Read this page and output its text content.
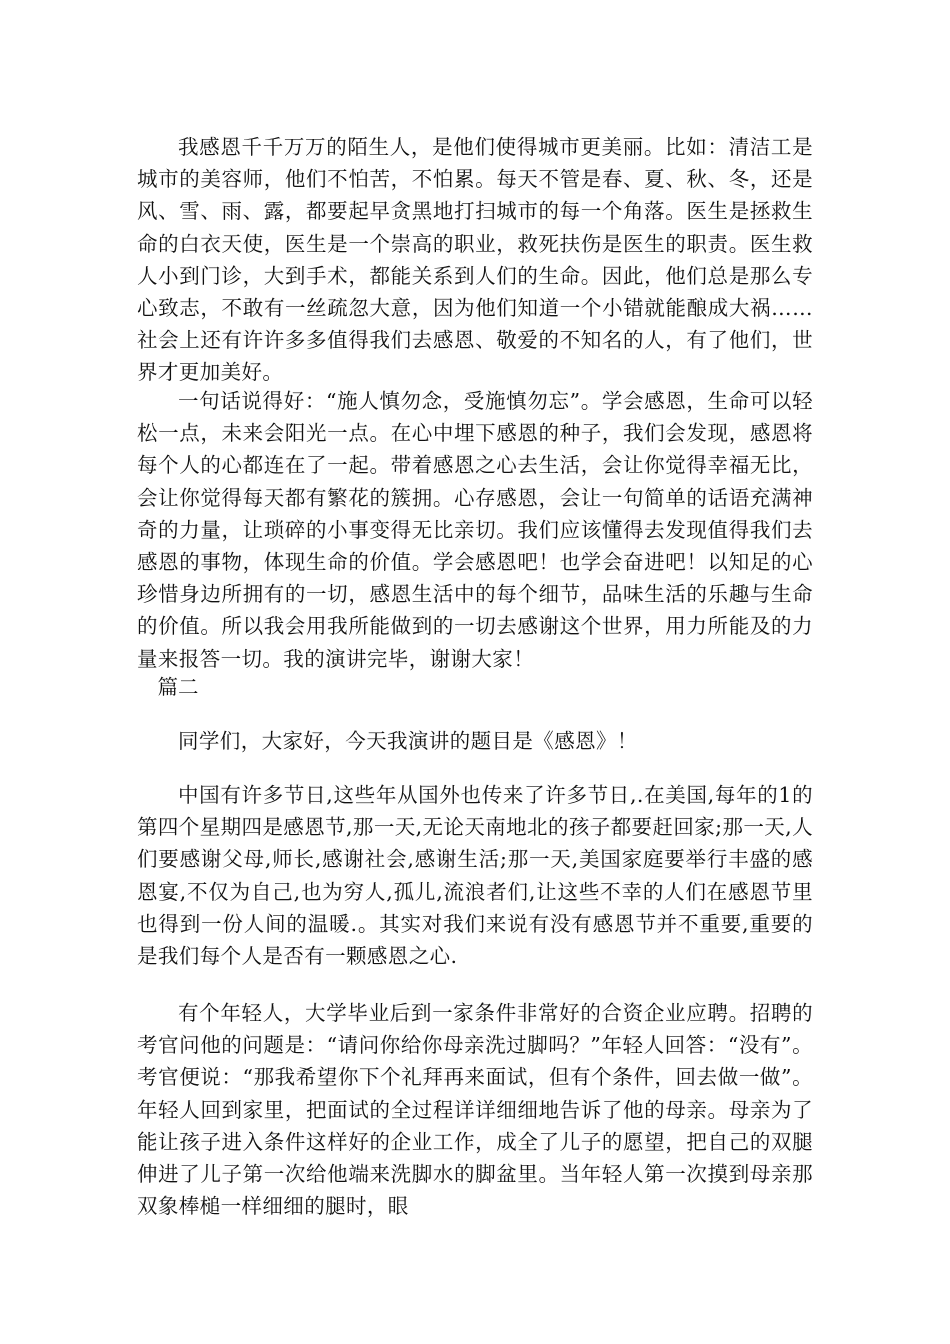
我感恩千千万万的陌生人，是他们使得城市更美丽。比如：清洁工是城市的美容师，他们不怕苦，不怕累。每天不管是春、夏、秋、冬，还是风、雪、雨、露，都要起早贪黑地打扫城市的每一个角落。医生是拯救生命的白衣天使，医生是一个崇高的职业，救死扶伤是医生的职责。医生救人小到门诊，大到手术，都能关系到人们的生命。因此，他们总是那么专心致志，不敢有一丝疏忽大意，因为他们知道一个小错就能酿成大祸……社会上还有许许多多值得我们去感恩、敬爱的不知名的人，有了他们，世界才更加美好。

一句话说得好：“施人慎勿念，受施慎勿忘”。学会感恩，生命可以轻松一点，未来会阳光一点。在心中埋下感恩的种子，我们会发现，感恩将每个人的心都连在了一起。带着感恩之心去生活，会让你觉得幸福无比，会让你觉得每天都有繁花的簇拥。心存感恩，会让一句简单的话语充满神奇的力量，让琐碎的小事变得无比亲切。我们应该懂得去发现值得我们去感恩的事物，体现生命的价值。学会感恩吧！也学会奋进吧！以知足的心珍惜身边所拥有的一切，感恩生活中的每个细节，品味生活的乐趣与生命的价值。所以我会用我所能做到的一切去感谢这个世界，用力所能及的力量来报答一切。我的演讲完毕，谢谢大家！

篇二

同学们，大家好，今天我演讲的题目是《感恩》！

中国有许多节日,这些年从国外也传来了许多节日,.在美国,每年的1的第四个星期四是感恩节,那一天,无论天南地北的孩子都要赶回家;那一天,人们要感谢父母,师长,感谢社会,感谢生活;那一天,美国家庭要举行丰盛的感恩宴,不仅为自己,也为穷人,孤儿,流浪者们,让这些不幸的人们在感恩节里也得到一份人间的温暖.。其实对我们来说有没有感恩节并不重要,重要的是我们每个人是否有一颗感恩之心.

有个年轻人，大学毕业后到一家条件非常好的合资企业应聘。招聘的考官问他的问题是：“请问你给你母亲洗过脚吗？”年轻人回答：“没有”。考官便说：“那我希望你下个礼拜再来面试，但有个条件，回去做一做”。年轻人回到家里，把面试的全过程详详细细地告诉了他的母亲。母亲为了能让孩子进入条件这样好的企业工作，成全了儿子的愿望，把自己的双腿伸进了儿子第一次给他端来洗脚水的脚盆里。当年轻人第一次摸到母亲那双象棒槌一样细细的腿时，眼
